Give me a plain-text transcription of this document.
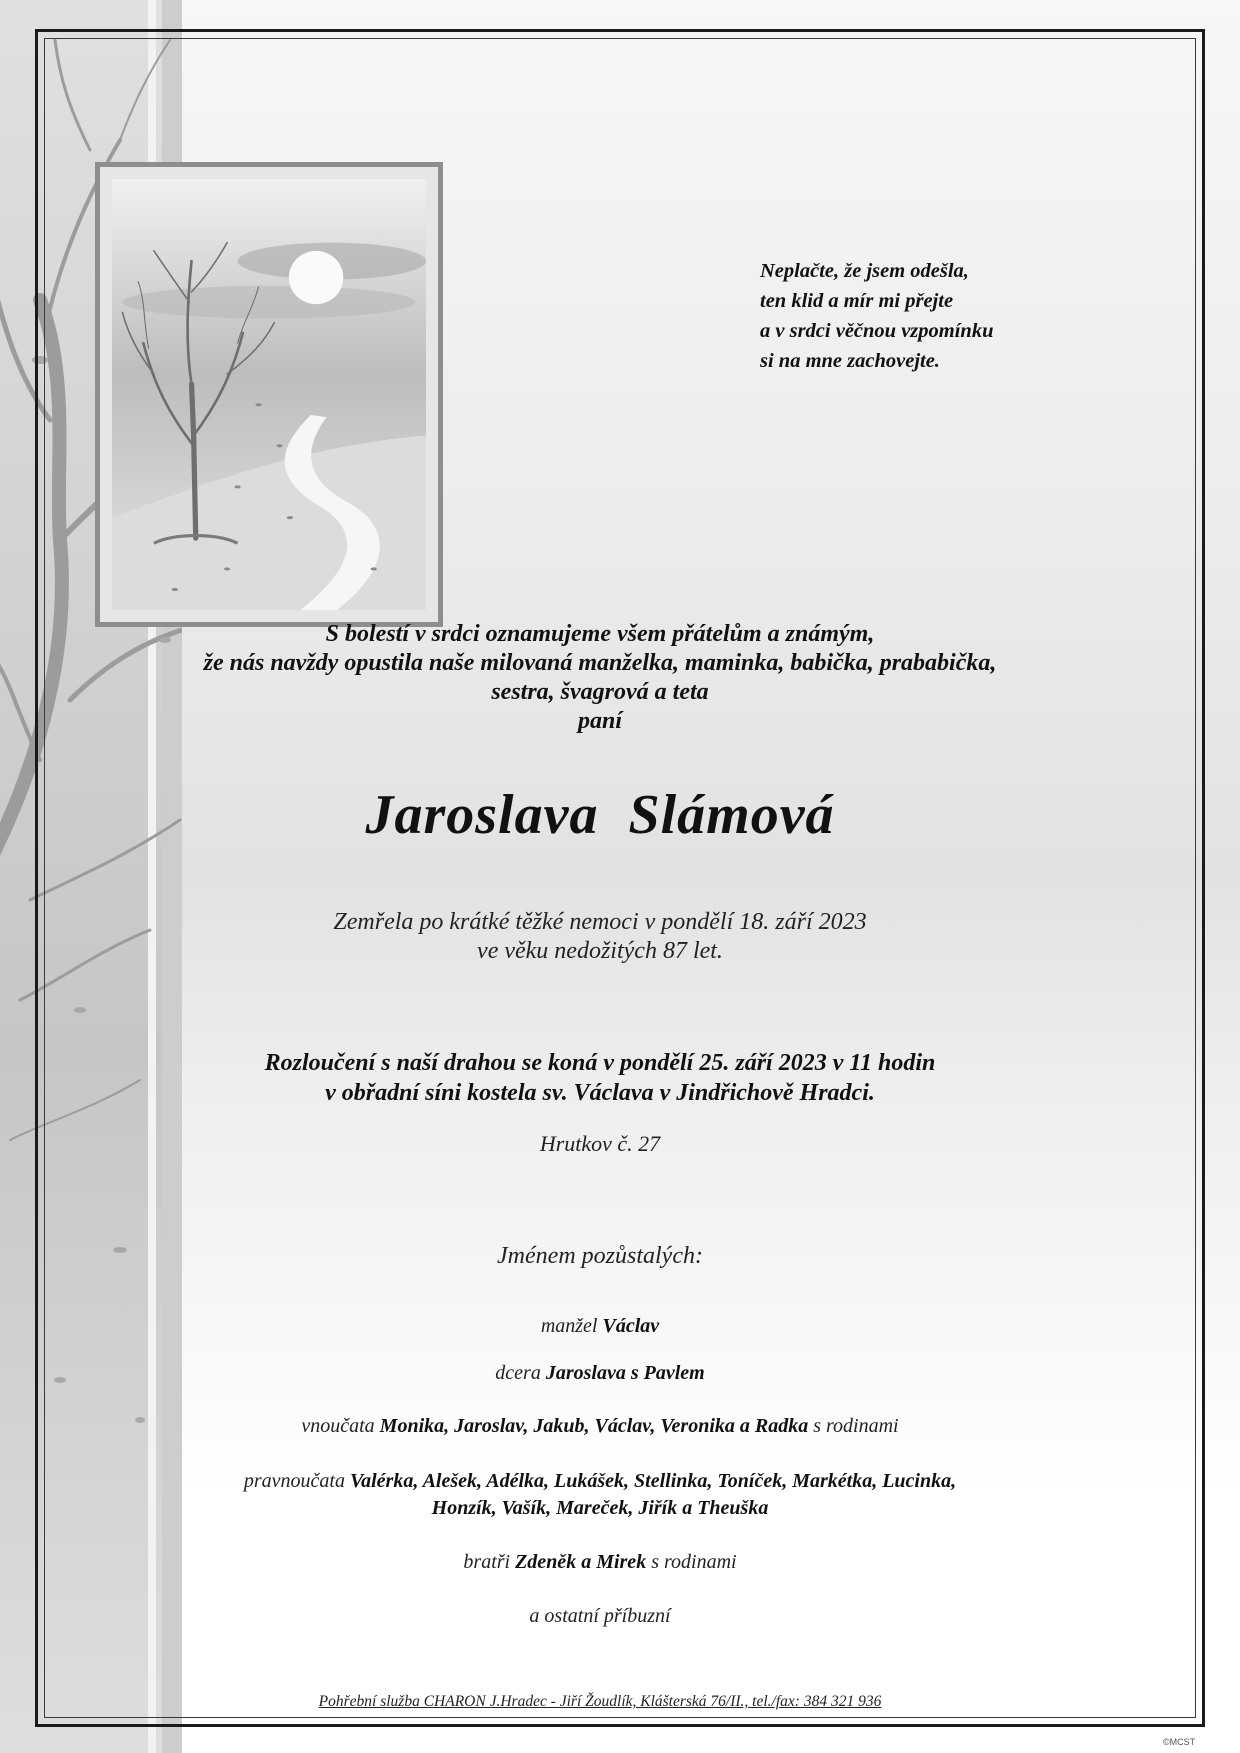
Neplačte, že jsem odešla,
ten klid a mír mi přejte
a v srdci věčnou vzpomínku
si na mne zachovejte.
S bolestí v srdci oznamujeme všem přátelům a známým,
že nás navždy opustila naše milovaná manželka, maminka, babička, prababička,
sestra, švagrová a teta
paní
Jaroslava  Slámová
Zemřela po krátké těžké nemoci v pondělí 18. září 2023
ve věku nedožitých 87 let.
Rozloučení s naší drahou se koná v pondělí 25. září 2023 v 11 hodin
v obřadní síni kostela sv. Václava v Jindřichově Hradci.
Hrutkov č. 27
Jménem pozůstalých:
manžel Václav
dcera Jaroslava s Pavlem
vnoučata Monika, Jaroslav, Jakub, Václav, Veronika a Radka s rodinami
pravnoučata Valérka, Alešek, Adélka, Lukášek, Stellinka, Toníček, Markétka, Lucinka,
Honzík, Vašík, Mareček, Jiřík a Theuška
bratři Zdeněk a Mirek s rodinami
a ostatní příbuzní
Pohřební služba CHARON J.Hradec - Jiří Žoudlík, Klášterská 76/II., tel./fax: 384 321 936
©MCST
